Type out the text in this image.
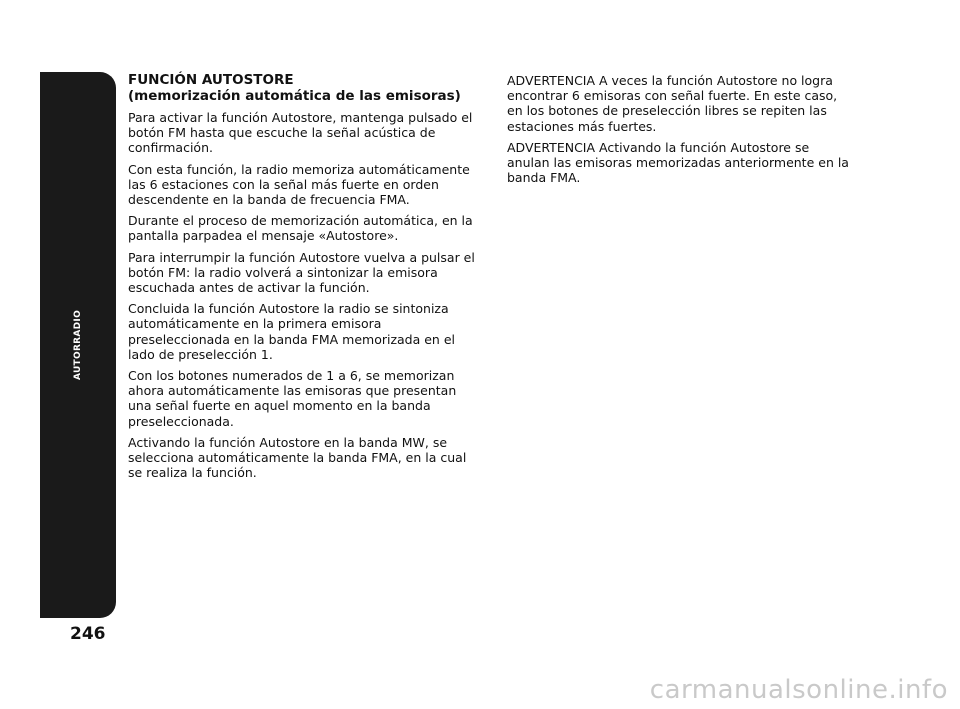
AUTORRADIO
246
FUNCIÓN AUTOSTORE
(memorización automática de las emisoras)

Para activar la función Autostore, mantenga pulsado el botón FM hasta que escuche la señal acústica de confirmación.

Con esta función, la radio memoriza automáticamente las 6 estaciones con la señal más fuerte en orden descendente en la banda de frecuencia FMA.

Durante el proceso de memorización automática, en la pantalla parpadea el mensaje «Autostore».

Para interrumpir la función Autostore vuelva a pulsar el botón FM: la radio volverá a sintonizar la emisora escuchada antes de activar la función.

Concluida la función Autostore la radio se sintoniza automáticamente en la primera emisora preseleccionada en la banda FMA memorizada en el lado de preselección 1.

Con los botones numerados de 1 a 6, se memorizan ahora automáticamente las emisoras que presentan una señal fuerte en aquel momento en la banda preseleccionada.

Activando la función Autostore en la banda MW, se selecciona automáticamente la banda FMA, en la cual se realiza la función.

ADVERTENCIA A veces la función Autostore no logra encontrar 6 emisoras con señal fuerte. En este caso, en los botones de preselección libres se repiten las estaciones más fuertes.

ADVERTENCIA Activando la función Autostore se anulan las emisoras memorizadas anteriormente en la banda FMA.

carmanualsonline.info
